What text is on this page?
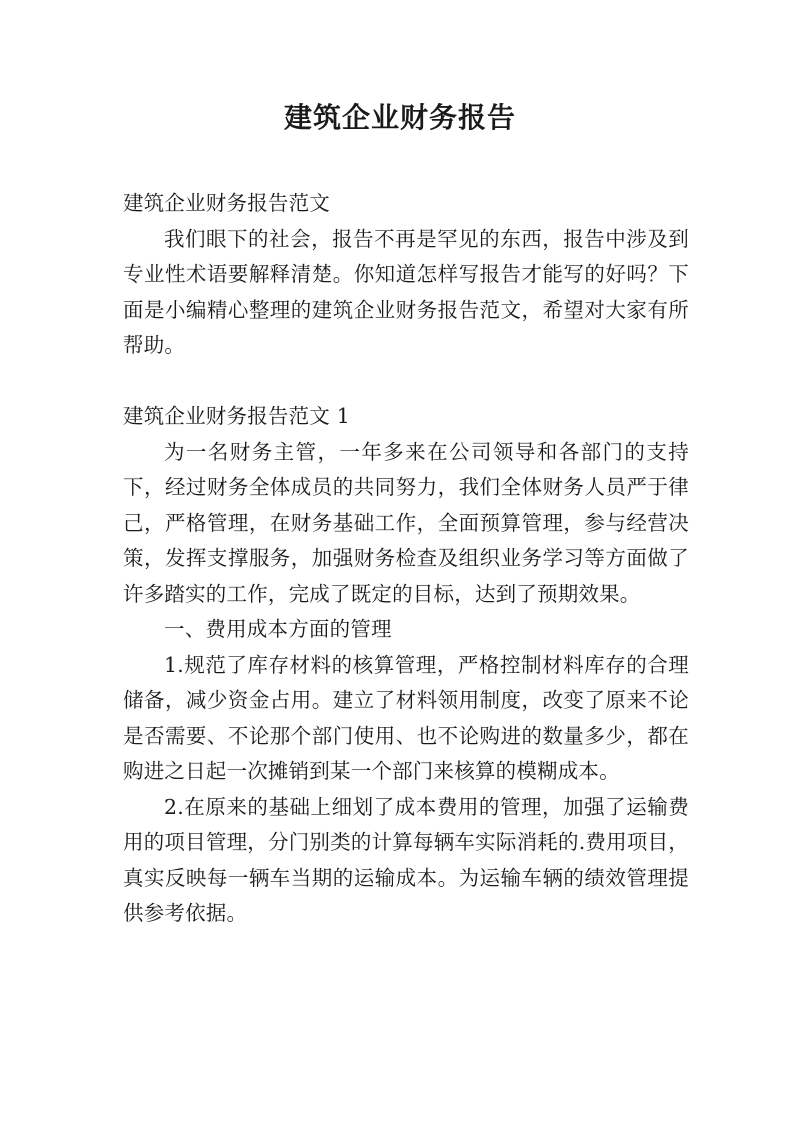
建筑企业财务报告

建筑企业财务报告范文

我们眼下的社会，报告不再是罕见的东西，报告中涉及到专业性术语要解释清楚。你知道怎样写报告才能写的好吗？下面是小编精心整理的建筑企业财务报告范文，希望对大家有所帮助。

建筑企业财务报告范文 1

为一名财务主管，一年多来在公司领导和各部门的支持下，经过财务全体成员的共同努力，我们全体财务人员严于律己，严格管理，在财务基础工作，全面预算管理，参与经营决策，发挥支撑服务，加强财务检查及组织业务学习等方面做了许多踏实的工作，完成了既定的目标，达到了预期效果。

一、费用成本方面的管理

1.规范了库存材料的核算管理，严格控制材料库存的合理储备，减少资金占用。建立了材料领用制度，改变了原来不论是否需要、不论那个部门使用、也不论购进的数量多少，都在购进之日起一次摊销到某一个部门来核算的模糊成本。

2.在原来的基础上细划了成本费用的管理，加强了运输费用的项目管理，分门别类的计算每辆车实际消耗的.费用项目，真实反映每一辆车当期的运输成本。为运输车辆的绩效管理提供参考依据。
